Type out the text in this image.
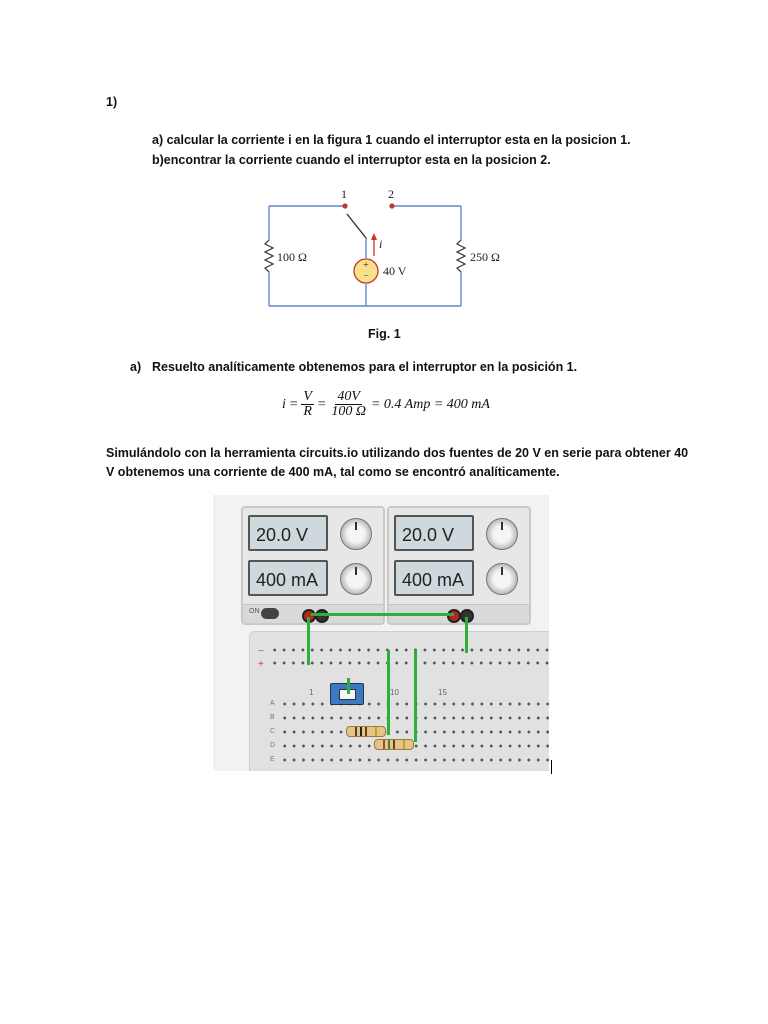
1)
a) calcular la corriente i en la figura 1 cuando el interruptor esta en la posicion 1.
b)encontrar la corriente cuando el interruptor esta en la posicion 2.
+
−
1	2
100 Ω	250 Ω
40 V
i
Fig. 1
a) Resuelto analíticamente obtenemos para el interruptor en la posición 1.
$i = \frac{V}{R} = \frac{40V}{100 \Omega} = 0.4$ Amp = 400 mA
Simulándolo con la herramienta circuits.io utilizando dos fuentes de 20 V en serie para obtener 40
V obtenemos una corriente de 400 mA, tal como se encontró analíticamente.
20.0 V
400 mA
ON
20.0 V
400 mA
−
+
1	10	15
A
B
C
D
E
